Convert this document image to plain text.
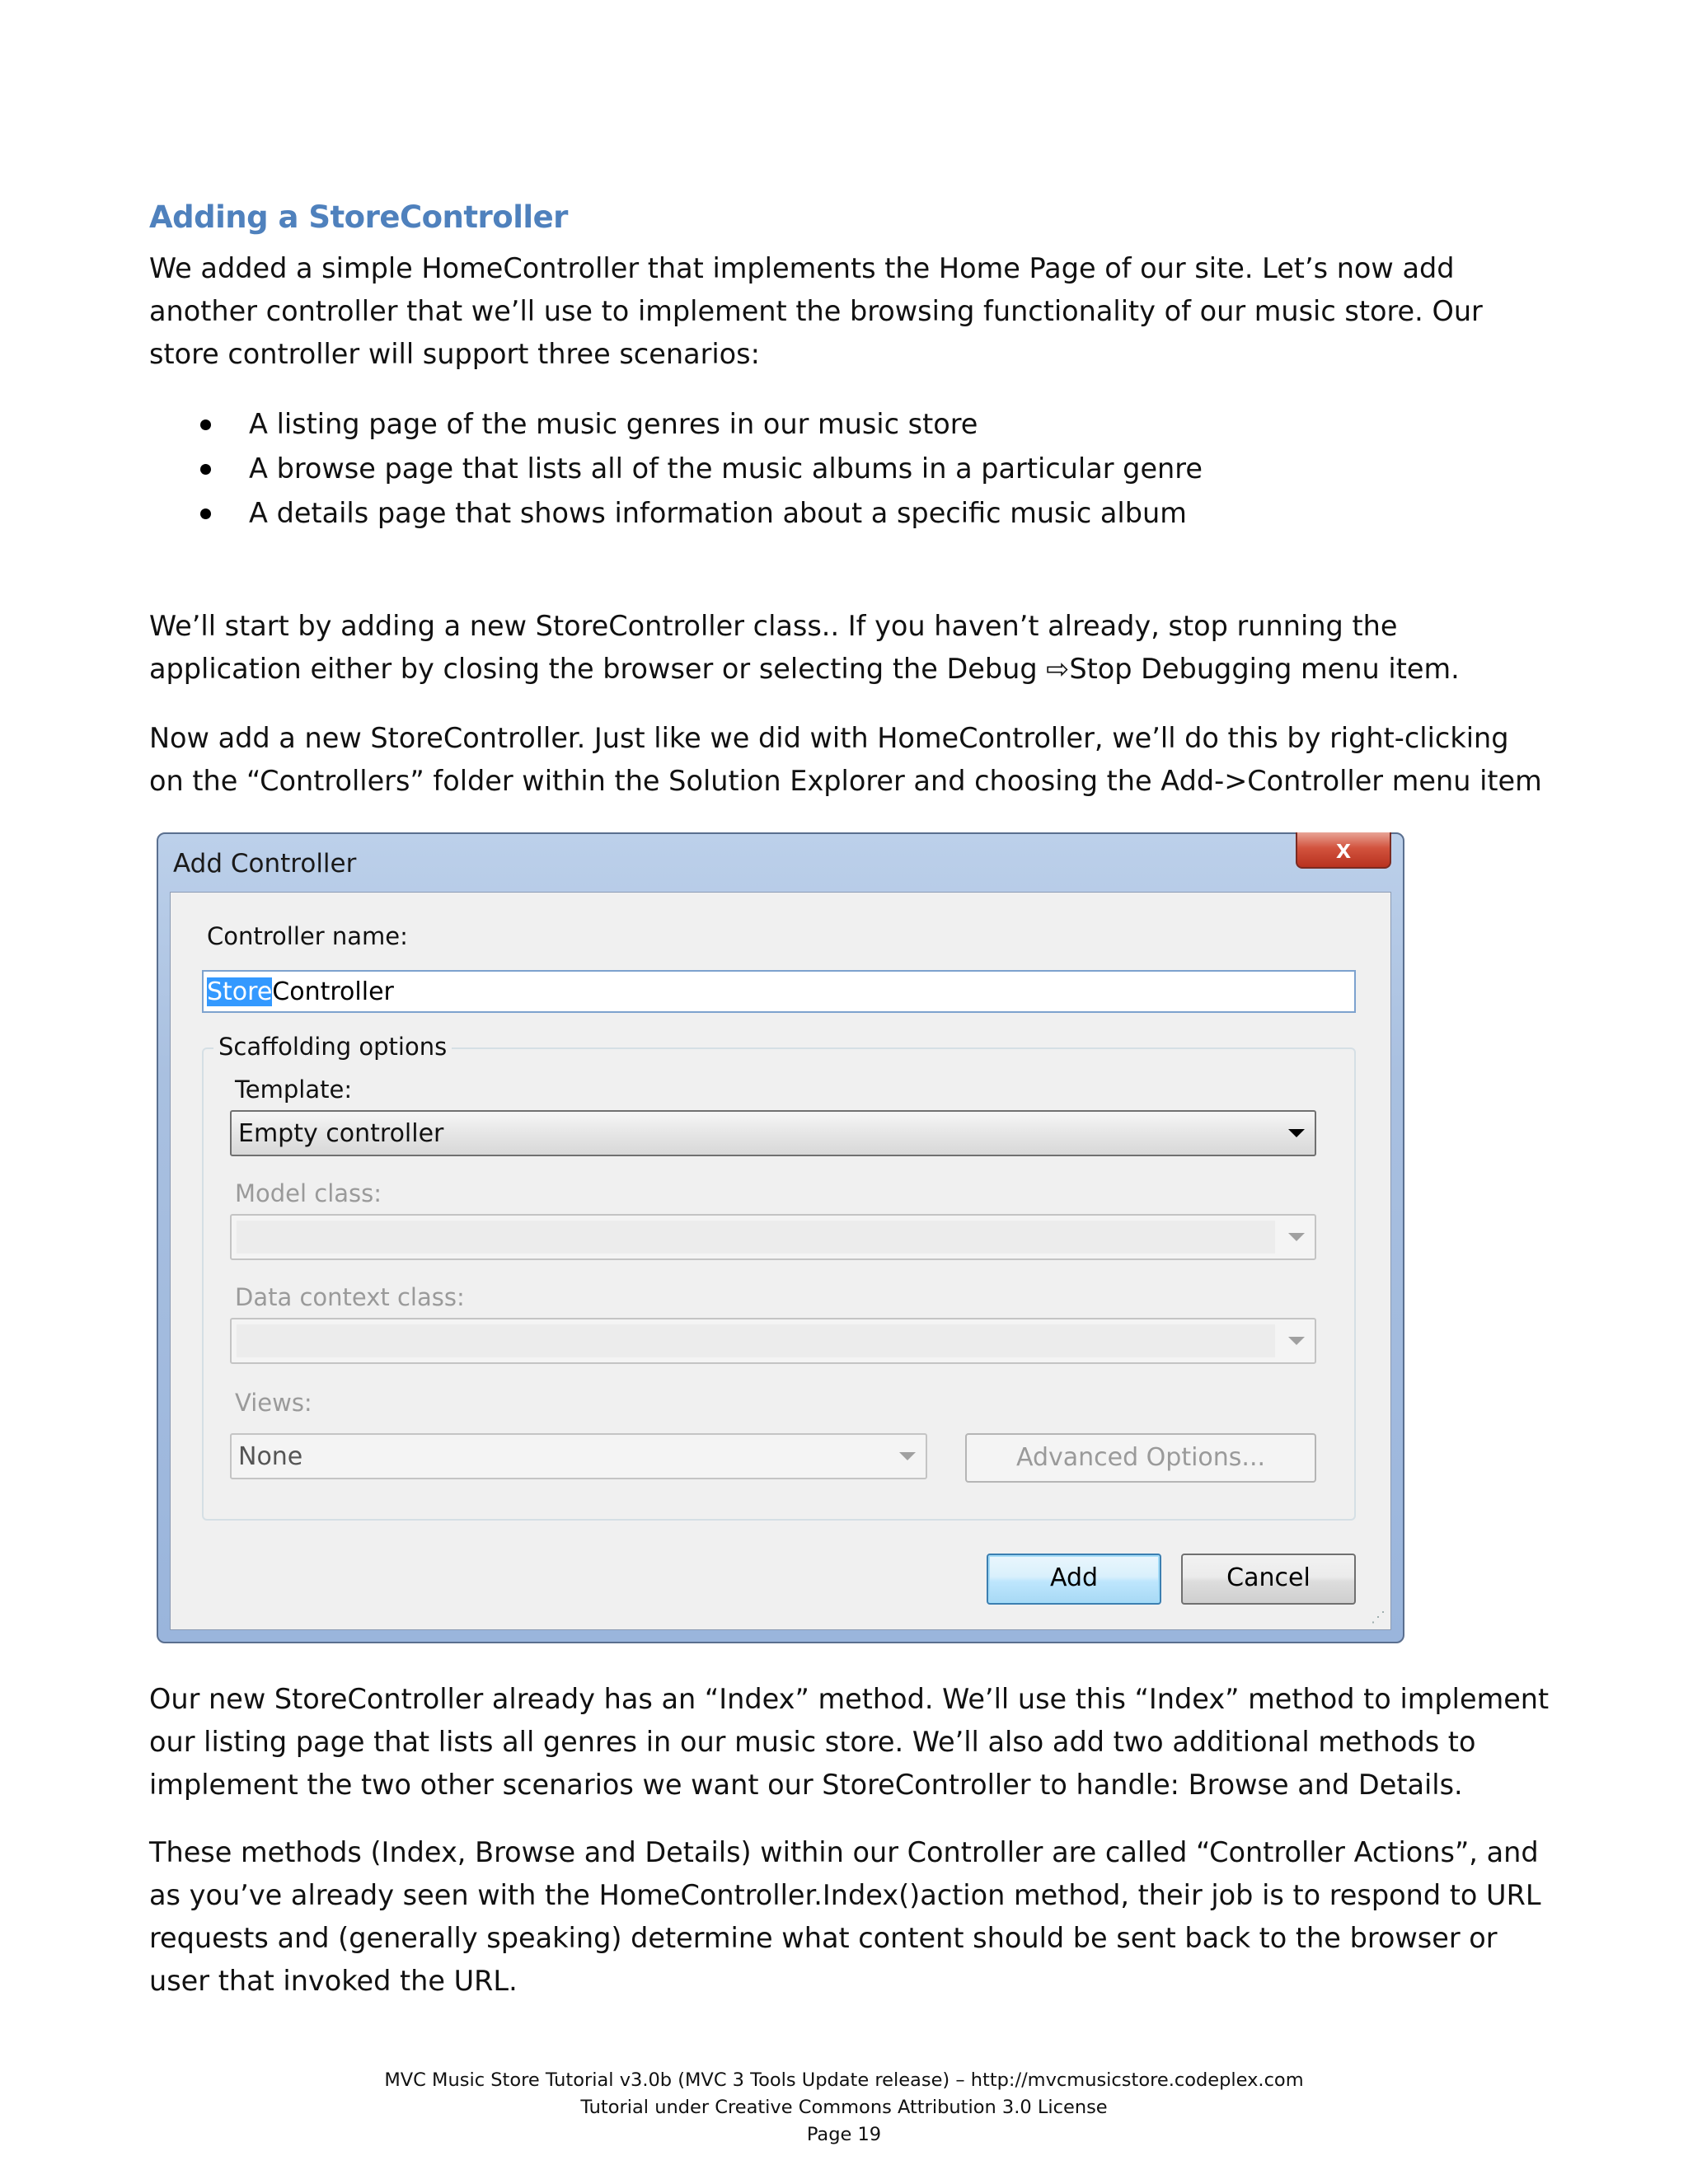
Adding a StoreController

We added a simple HomeController that implements the Home Page of our site. Let’s now add another controller that we’ll use to implement the browsing functionality of our music store. Our store controller will support three scenarios:

A listing page of the music genres in our music store
A browse page that lists all of the music albums in a particular genre
A details page that shows information about a specific music album

We’ll start by adding a new StoreController class.. If you haven’t already, stop running the application either by closing the browser or selecting the Debug ⇨Stop Debugging menu item.

Now add a new StoreController. Just like we did with HomeController, we’ll do this by right-clicking on the “Controllers” folder within the Solution Explorer and choosing the Add->Controller menu item

Add Controller	x
Controller name:
StoreController
Scaffolding options
Template:
Empty controller
Model class:
Data context class:
Views:
None	Advanced Options...
Add	Cancel
⋰

Our new StoreController already has an “Index” method. We’ll use this “Index” method to implement our listing page that lists all genres in our music store. We’ll also add two additional methods to implement the two other scenarios we want our StoreController to handle: Browse and Details.

These methods (Index, Browse and Details) within our Controller are called “Controller Actions”, and as you’ve already seen with the HomeController.Index()action method, their job is to respond to URL requests and (generally speaking) determine what content should be sent back to the browser or user that invoked the URL.

MVC Music Store Tutorial v3.0b (MVC 3 Tools Update release) – http://mvcmusicstore.codeplex.com
Tutorial under Creative Commons Attribution 3.0 License
Page 19
